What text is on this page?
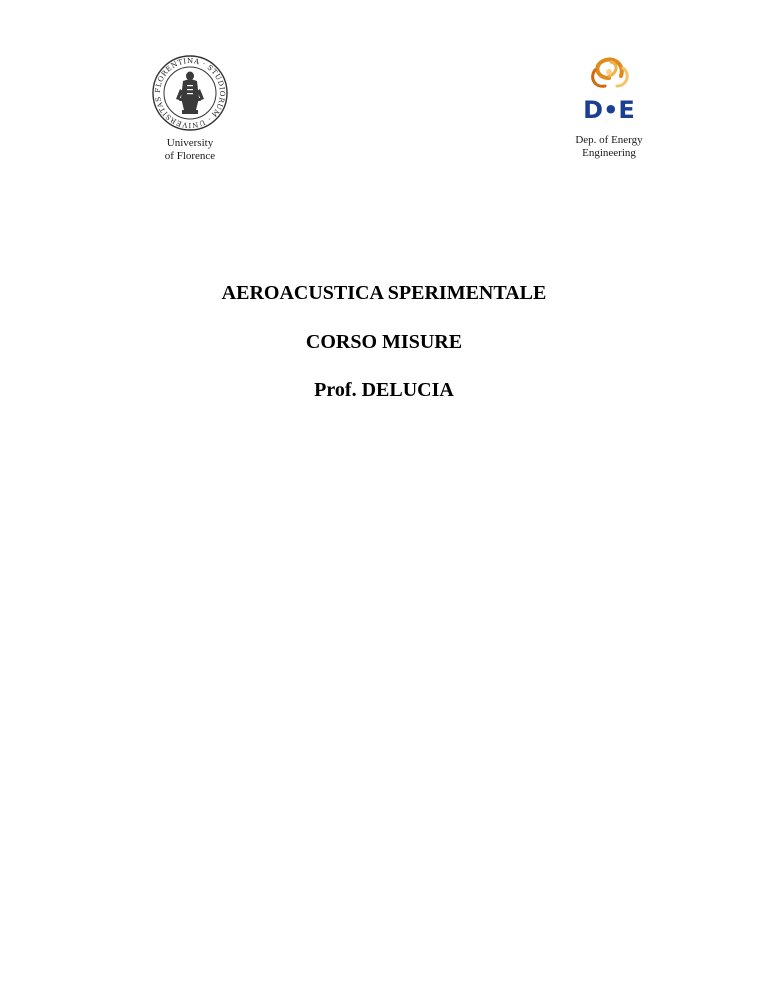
FLORENTINA · STUDIORUM · UNIVERSITAS
University
of Florence
D•E
Dep. of Energy
Engineering
AEROACUSTICA SPERIMENTALE
CORSO MISURE
Prof. DELUCIA
